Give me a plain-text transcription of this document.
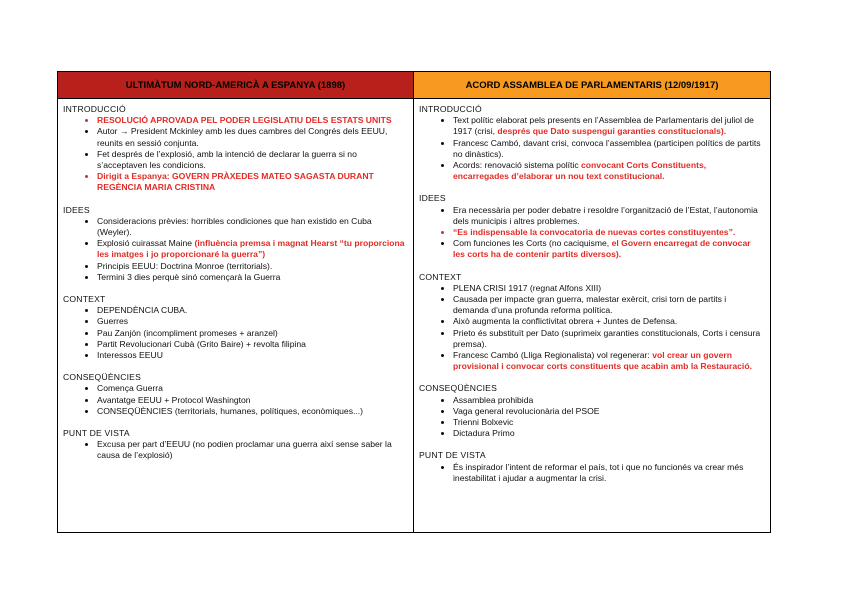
ULTIMÀTUM NORD-AMERICÀ A ESPANYA (1898)	ACORD ASSAMBLEA DE PARLAMENTARIS (12/09/1917)
INTRODUCCIÓ
• RESOLUCIÓ APROVADA PEL PODER LEGISLATIU DELS ESTATS UNITS
• Autor → President Mckinley amb les dues cambres del Congrés dels EEUU, reunits en sessió conjunta.
• Fet després de l’explosió, amb la intenció de declarar la guerra si no s’acceptaven les condicions.
• Dirigit a Espanya: GOVERN PRÀXEDES MATEO SAGASTA DURANT REGÈNCIA MARIA CRISTINA
IDEES
• Consideracions prèvies: horribles condiciones que han existido en Cuba (Weyler).
• Explosió cuirassat Maine (influència premsa i magnat Hearst “tu proporciona les imatges i jo proporcionaré la guerra”)
• Principis EEUU: Doctrina Monroe (territorials).
• Termini 3 dies perquè sinó començarà la Guerra
CONTEXT
• DEPENDÈNCIA CUBA.
• Guerres
• Pau Zanjón (incompliment promeses + aranzel)
• Partit Revolucionari Cubà (Grito Baire) + revolta filipina
• Interessos EEUU
CONSEQÜÈNCIES
• Comença Guerra
• Avantatge EEUU + Protocol Washington
• CONSEQÜÈNCIES (territorials, humanes, polítiques, econòmiques...)
PUNT DE VISTA
• Excusa per part d’EEUU (no podien proclamar una guerra així sense saber la causa de l’explosió)
INTRODUCCIÓ
• Text polític elaborat pels presents en l’Assemblea de Parlamentaris del juliol de 1917 (crisi, després que Dato suspengui garanties constitucionals).
• Francesc Cambó, davant crisi, convoca l’assemblea (participen polítics de partits no dinàstics).
• Acords: renovació sistema polític convocant Corts Constituents, encarregades d’elaborar un nou text constitucional.
IDEES
• Era necessària per poder debatre i resoldre l’organització de l’Estat, l’autonomia dels municipis i altres problemes.
• “Es indispensable la convocatoria de nuevas cortes constituyentes”.
• Com funciones les Corts (no caciquisme, el Govern encarregat de convocar les corts ha de contenir partits diversos).
CONTEXT
• PLENA CRISI 1917 (regnat Alfons XIII)
• Causada per impacte gran guerra, malestar exèrcit, crisi torn de partits i demanda d’una profunda reforma política.
• Això augmenta la conflictivitat obrera + Juntes de Defensa.
• Prieto és substituït per Dato (suprimeix garanties constitucionals, Corts i censura premsa).
• Francesc Cambó (Lliga Regionalista) vol regenerar: vol crear un govern provisional i convocar corts constituents que acabin amb la Restauració.
CONSEQÜÈNCIES
• Assamblea prohibida
• Vaga general revolucionària del PSOE
• Trienni Bolxevic
• Dictadura Primo
PUNT DE VISTA
• És inspirador l’intent de reformar el país, tot i que no funcionés va crear més inestabilitat i ajudar a augmentar la crisi.
